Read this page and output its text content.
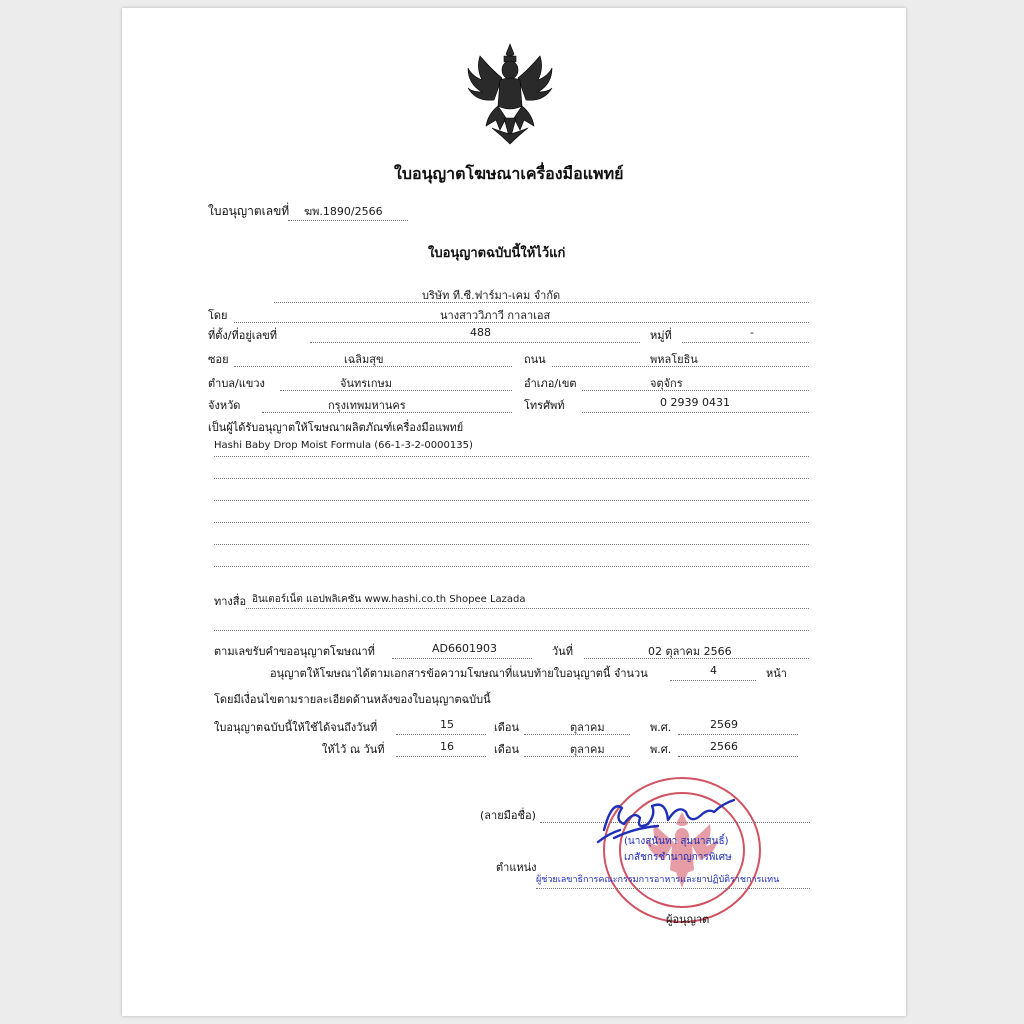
ใบอนุญาตโฆษณาเครื่องมือแพทย์
ใบอนุญาตเลขที่ ฆพ.1890/2566
ใบอนุญาตฉบับนี้ให้ไว้แก่
บริษัท ที.ซี.ฟาร์มา-เคม จำกัด
โดย	นางสาววิภาวี กาลาเอส
ที่ตั้ง/ที่อยู่เลขที่	488	หมู่ที่	-
ซอย	เฉลิมสุข	ถนน	พหลโยธิน
ตำบล/แขวง	จันทรเกษม	อำเภอ/เขต	จตุจักร
จังหวัด	กรุงเทพมหานคร	โทรศัพท์	0 2939 0431
เป็นผู้ได้รับอนุญาตให้โฆษณาผลิตภัณฑ์เครื่องมือแพทย์
Hashi Baby Drop Moist Formula (66-1-3-2-0000135)
ทางสื่อ อินเตอร์เน็ต แอปพลิเคชัน www.hashi.co.th Shopee Lazada
ตามเลขรับคำขออนุญาตโฆษณาที่	AD6601903	วันที่	02 ตุลาคม 2566
อนุญาตให้โฆษณาได้ตามเอกสารข้อความโฆษณาที่แนบท้ายใบอนุญาตนี้ จำนวน	4	หน้า
โดยมีเงื่อนไขตามรายละเอียดด้านหลังของใบอนุญาตฉบับนี้
ใบอนุญาตฉบับนี้ให้ใช้ได้จนถึงวันที่	15	เดือน	ตุลาคม	พ.ศ.	2569
ให้ไว้ ณ วันที่	16	เดือน	ตุลาคม	พ.ศ.	2566
(ลายมือชื่อ)
(นางสุนันทา สุมนาสนธิ์)
เภสัชกรชำนาญการพิเศษ
ตำแหน่ง
ผู้ช่วยเลขาธิการคณะกรรมการอาหารและยาปฏิบัติราชการแทน
ผู้อนุญาต
